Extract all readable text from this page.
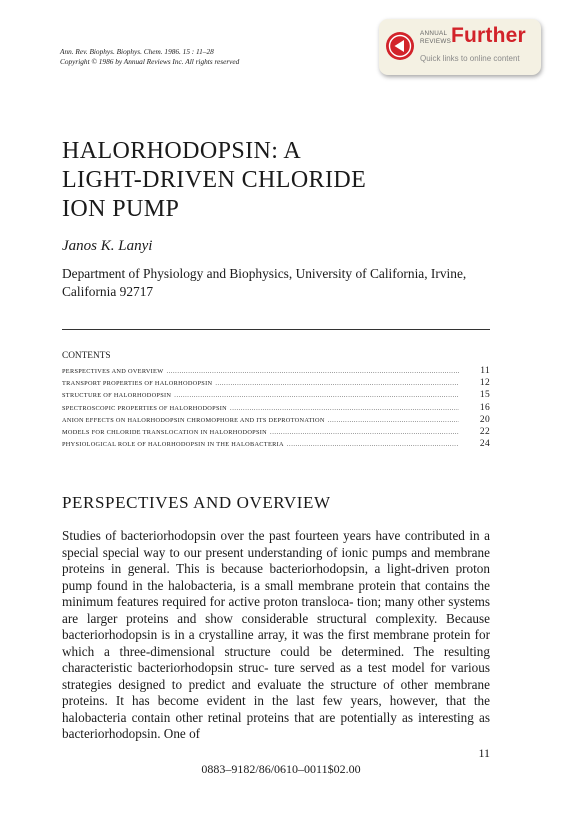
Ann. Rev. Biophys. Biophys. Chem. 1986. 15 : 11–28
Copyright © 1986 by Annual Reviews Inc. All rights reserved
ANNUAL
REVIEWS Further
Quick links to online content
HALORHODOPSIN: A
LIGHT-DRIVEN CHLORIDE
ION PUMP
Janos K. Lanyi
Department of Physiology and Biophysics, University of California, Irvine,
California 92717
CONTENTS
PERSPECTIVES AND OVERVIEW .....	11
TRANSPORT PROPERTIES OF HALORHODOPSIN .....	12
STRUCTURE OF HALORHODOPSIN .....	15
SPECTROSCOPIC PROPERTIES OF HALORHODOPSIN .....	16
ANION EFFECTS ON HALORHODOPSIN CHROMOPHORE AND ITS DEPROTONATION .....	20
MODELS FOR CHLORIDE TRANSLOCATION IN HALORHODOPSIN .....	22
PHYSIOLOGICAL ROLE OF HALORHODOPSIN IN THE HALOBACTERIA .....	24
PERSPECTIVES AND OVERVIEW

Studies of bacteriorhodopsin over the past fourteen years have contributed in a special special way to our present understanding of ionic pumps and membrane proteins in general. This is because bacteriorhodopsin, a light-driven proton pump found in the halobacteria, is a small membrane protein that contains the minimum features required for active proton transloca- tion; many other systems are larger proteins and show considerable structural complexity. Because bacteriorhodopsin is in a crystalline array, it was the first membrane protein for which a three-dimensional structure could be determined. The resulting characteristic bacteriorhodopsin struc- ture served as a test model for various strategies designed to predict and evaluate the structure of other membrane proteins. It has become evident in the last few years, however, that the halobacteria contain other retinal proteins that are potentially as interesting as bacteriorhodopsin. One of

11
0883–9182/86/0610–0011$02.00
